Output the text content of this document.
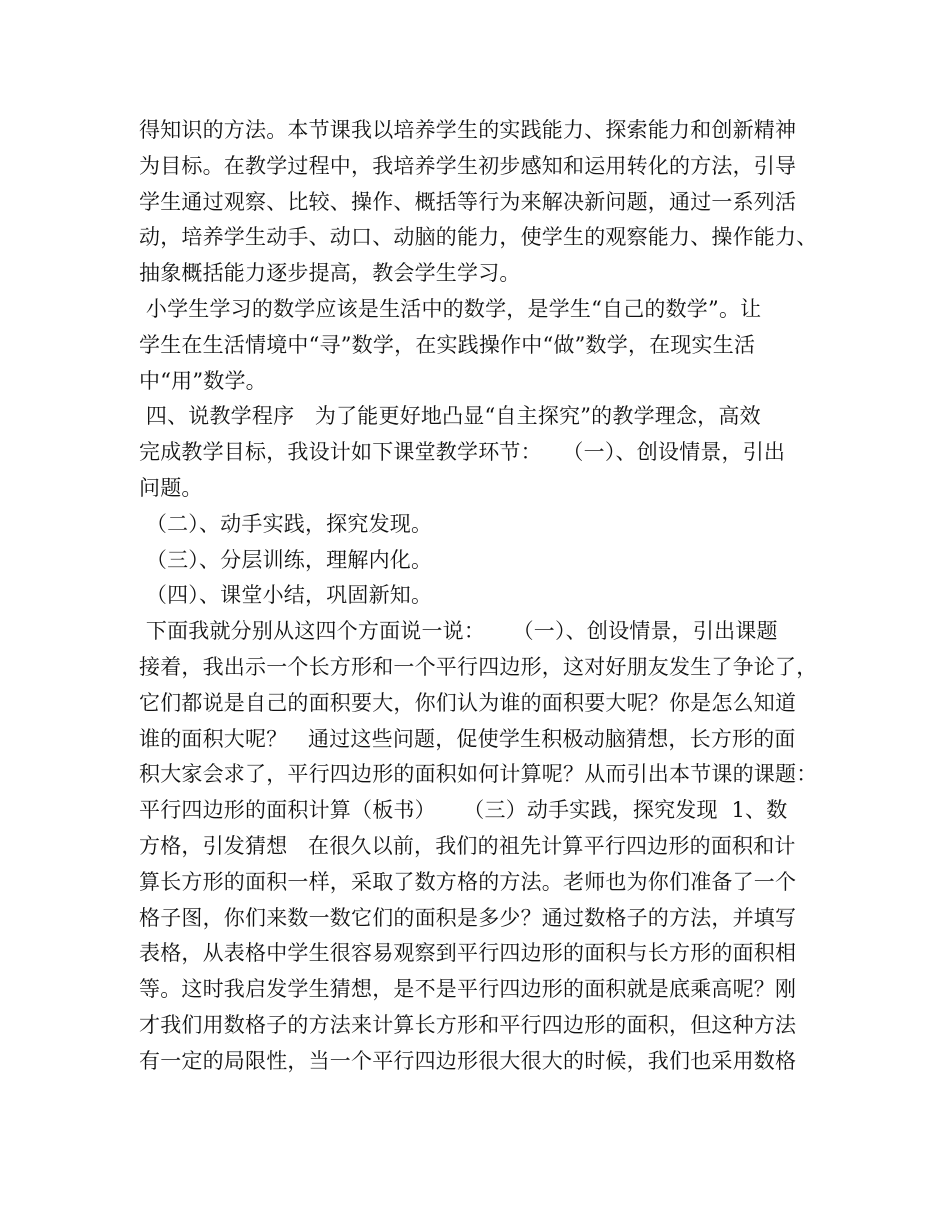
得知识的方法。本节课我以培养学生的实践能力、探索能力和创新精神
为目标。在教学过程中，我培养学生初步感知和运用转化的方法，引导
学生通过观察、比较、操作、概括等行为来解决新问题，通过一系列活
动，培养学生动手、动口、动脑的能力，使学生的观察能力、操作能力、
抽象概括能力逐步提高，教会学生学习。
小学生学习的数学应该是生活中的数学，是学生“自己的数学”。让
学生在生活情境中“寻”数学，在实践操作中“做”数学，在现实生活
中“用”数学。
四、说教学程序   为了能更好地凸显“自主探究”的教学理念，高效
完成教学目标，我设计如下课堂教学环节：   （一）、创设情景，引出
问题。
（二）、动手实践，探究发现。
（三）、分层训练，理解内化。
（四）、课堂小结，巩固新知。
下面我就分别从这四个方面说一说：    （一）、创设情景，引出课题
接着，我出示一个长方形和一个平行四边形，这对好朋友发生了争论了，
它们都说是自己的面积要大，你们认为谁的面积要大呢？你是怎么知道
谁的面积大呢？   通过这些问题，促使学生积极动脑猜想，长方形的面
积大家会求了，平行四边形的面积如何计算呢？从而引出本节课的课题：
平行四边形的面积计算（板书）    （三）动手实践，探究发现  1、数
方格，引发猜想   在很久以前，我们的祖先计算平行四边形的面积和计
算长方形的面积一样，采取了数方格的方法。老师也为你们准备了一个
格子图，你们来数一数它们的面积是多少？通过数格子的方法，并填写
表格，从表格中学生很容易观察到平行四边形的面积与长方形的面积相
等。这时我启发学生猜想，是不是平行四边形的面积就是底乘高呢？刚
才我们用数格子的方法来计算长方形和平行四边形的面积，但这种方法
有一定的局限性，当一个平行四边形很大很大的时候，我们也采用数格
